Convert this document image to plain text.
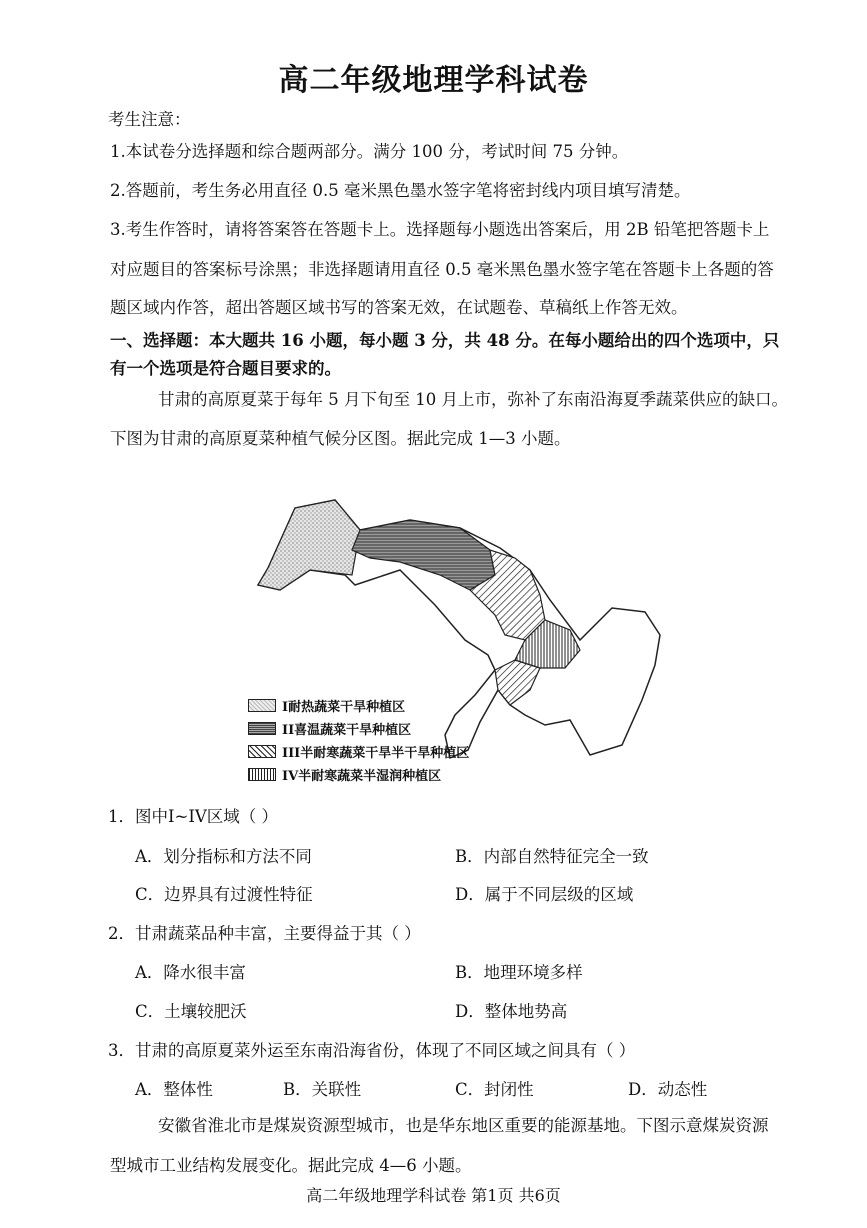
高二年级地理学科试卷
考生注意：
1.本试卷分选择题和综合题两部分。满分 100 分，考试时间 75 分钟。
2.答题前，考生务必用直径 0.5 毫米黑色墨水签字笔将密封线内项目填写清楚。
3.考生作答时，请将答案答在答题卡上。选择题每小题选出答案后，用 2B 铅笔把答题卡上
对应题目的答案标号涂黑；非选择题请用直径 0.5 毫米黑色墨水签字笔在答题卡上各题的答
题区域内作答，超出答题区域书写的答案无效，在试题卷、草稿纸上作答无效。
一、选择题：本大题共 16 小题，每小题 3 分，共 48 分。在每小题给出的四个选项中，只
有一个选项是符合题目要求的。
甘肃的高原夏菜于每年 5 月下旬至 10 月上市，弥补了东南沿海夏季蔬菜供应的缺口。
下图为甘肃的高原夏菜种植气候分区图。据此完成 1—3 小题。
I耐热蔬菜干旱种植区
II喜温蔬菜干旱种植区
III半耐寒蔬菜干旱半干旱种植区
IV半耐寒蔬菜半湿润种植区
1．图中I~IV区域（ ）
A．划分指标和方法不同	B．内部自然特征完全一致
C．边界具有过渡性特征	D．属于不同层级的区域
2．甘肃蔬菜品种丰富，主要得益于其（ ）
A．降水很丰富	B．地理环境多样
C．土壤较肥沃	D．整体地势高
3．甘肃的高原夏菜外运至东南沿海省份，体现了不同区域之间具有（ ）
A．整体性	B．关联性	C．封闭性	D．动态性
安徽省淮北市是煤炭资源型城市，也是华东地区重要的能源基地。下图示意煤炭资源
型城市工业结构发展变化。据此完成 4—6 小题。
高二年级地理学科试卷 第1页 共6页
